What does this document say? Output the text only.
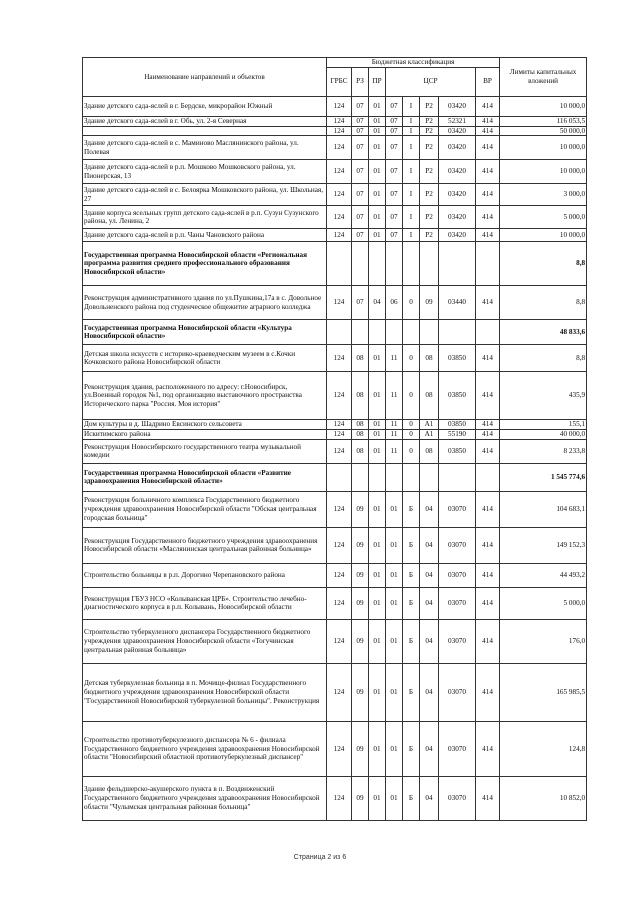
Наименование направлений и объектов	Бюджетная классификация								Лимиты капитальных вложений
	ГРБС	РЗ	ПР	ЦСР				ВР	
Здание детского сада-яслей в г. Бердске, микрорайон Южный	124	07	01	07	I	P2	03420	414	10 000,0
Здание детского сада-яслей в г. Обь, ул. 2-я Северная	124	07	01	07	I	P2	52321	414	116 053,5
	124	07	01	07	I	P2	03420	414	50 000,0
Здание детского сада-яслей в с. Маминово Маслянинского района, ул. Полевая	124	07	01	07	I	P2	03420	414	10 000,0
Здание детского сада-яслей в р.п. Мошково Мошковского района, ул. Пионерская, 13	124	07	01	07	I	P2	03420	414	10 000,0
Здание детского сада-яслей в с. Белоярка Мошковского района, ул. Школьная, 27	124	07	01	07	I	P2	03420	414	3 000,0
Здание корпуса ясельных групп детского сада-яслей в р.п. Сузун Сузунского района, ул. Ленина, 2	124	07	01	07	I	P2	03420	414	5 000,0
Здание детского сада-яслей в р.п. Чаны Чановского района	124	07	01	07	I	P2	03420	414	10 000,0
Государственная программа Новосибирской области «Региональная программа развития среднего профессионального образования Новосибирской области»									8,8
Реконструкция административного здания по ул.Пушкина,17а в с. Довольное Довольненского района под студенческое общежитие аграрного колледжа	124	07	04	06	0	09	03440	414	8,8
Государственная программа Новосибирской области «Культура Новосибирской области»									48 833,6
Детская школа искусств с историко-краеведческим музеем в с.Кочки Кочковского района Новосибирской области	124	08	01	11	0	08	03850	414	8,8
Реконструкция здания, расположенного по адресу: г.Новосибирск, ул.Военный городок №1, под организацию выставочного пространства Исторического парка "Россия. Моя история"	124	08	01	11	0	08	03850	414	435,9
Дом культуры в д. Шадрино Евсинского сельсовета	124	08	01	11	0	А1	03850	414	155,1
Искитимского района	124	08	01	11	0	А1	55190	414	40 000,0
Реконструкция Новосибирского государственного театра музыкальной комедии	124	08	01	11	0	08	03850	414	8 233,8
Государственная программа Новосибирской области «Развитие здравоохранения Новосибирской области»									1 545 774,6
Реконструкция больничного комплекса Государственного бюджетного учреждения здравоохранения Новосибирской области "Обская центральная городская больница"	124	09	01	01	Б	04	03070	414	104 683,1
Реконструкция Государственного бюджетного учреждения здравоохранения Новосибирской области «Маслянинская центральная районная больница»	124	09	01	01	Б	04	03070	414	149 152,3
Строительство больницы в р.п. Дорогино Черепановского района	124	09	01	01	Б	04	03070	414	44 493,2
Реконструкция ГБУЗ НСО «Колыванская ЦРБ». Строительство лечебно-диагностического корпуса в р.п. Колывань, Новосибирской области	124	09	01	01	Б	04	03070	414	5 000,0
Строительство туберкулезного диспансера Государственного бюджетного учреждения здравоохранения Новосибирской области «Тогучинская центральная районная больница»	124	09	01	01	Б	04	03070	414	176,0
Детская туберкулезная больница в п. Мочище-филиал Государственного бюджетного учреждения здравоохранения Новосибирской области "Государственной Новосибирской туберкулезной больницы". Реконструкция	124	09	01	01	Б	04	03070	414	165 985,5
Строительство противотуберкулезного диспансера № 6 - филиала Государственного бюджетного учреждения здравоохранения Новосибирской области "Новосибирский областной противотуберкулезный диспансер"	124	09	01	01	Б	04	03070	414	124,8
Здание фельдшерско-акушерского пункта в п. Воздвиженский Государственного бюджетного учреждения здравоохранения Новосибирской области "Чулымская центральная районная больница"	124	09	01	01	Б	04	03070	414	10 852,0
Страница 2 из 6
